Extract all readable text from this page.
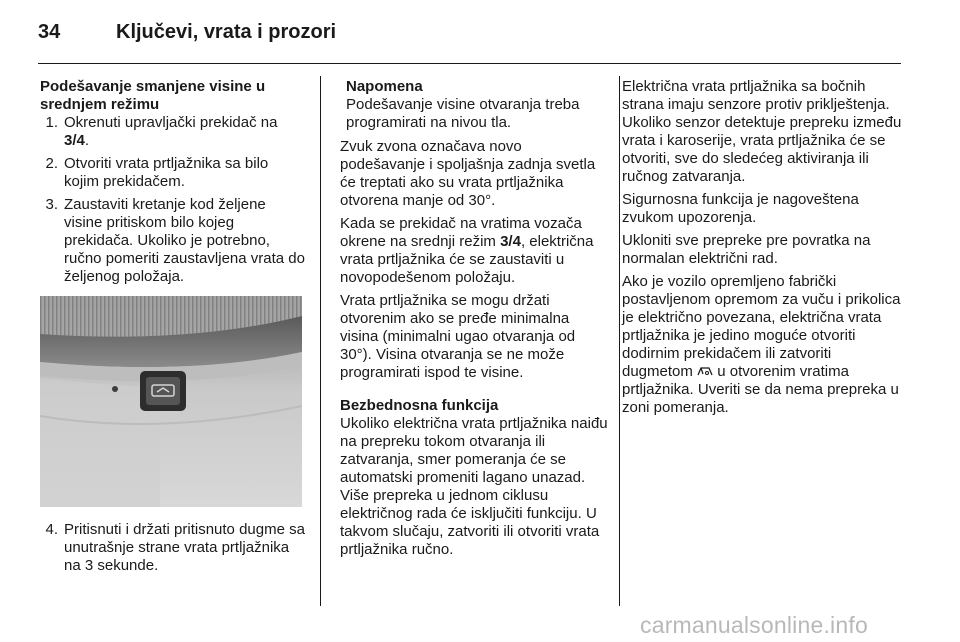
34	Ključevi, vrata i prozori
Podešavanje smanjene visine u srednjem režimu
1. Okrenuti upravljački prekidač na 3/4.
2. Otvoriti vrata prtljažnika sa bilo kojim prekidačem.
3. Zaustaviti kretanje kod željene visine pritiskom bilo kojeg prekidača. Ukoliko je potrebno, ručno pomeriti zaustavljena vrata do željenog položaja.
4. Pritisnuti i držati pritisnuto dugme sa unutrašnje strane vrata prtljažnika na 3 sekunde.
Napomena
Podešavanje visine otvaranja treba programirati na nivou tla.

Zvuk zvona označava novo podešavanje i spoljašnja zadnja svetla će treptati ako su vrata prtljažnika otvorena manje od 30°.

Kada se prekidač na vratima vozača okrene na srednji režim 3/4, električna vrata prtljažnika će se zaustaviti u novopodešenom položaju.

Vrata prtljažnika se mogu držati otvorenim ako se pređe minimalna visina (minimalni ugao otvaranja od 30°). Visina otvaranja se ne može programirati ispod te visine.

Bezbednosna funkcija

Ukoliko električna vrata prtljažnika naiđu na prepreku tokom otvaranja ili zatvaranja, smer pomeranja će se automatski promeniti lagano unazad. Više prepreka u jednom ciklusu električnog rada će isključiti funkciju. U takvom slučaju, zatvoriti ili otvoriti vrata prtljažnika ručno.

Električna vrata prtljažnika sa bočnih strana imaju senzore protiv priklještenja. Ukoliko senzor detektuje prepreku između vrata i karoserije, vrata prtljažnika će se otvoriti, sve do sledećeg aktiviranja ili ručnog zatvaranja.

Sigurnosna funkcija je nagoveštena zvukom upozorenja.

Ukloniti sve prepreke pre povratka na normalan električni rad.

Ako je vozilo opremljeno fabrički postavljenom opremom za vuču i prikolica je električno povezana, električna vrata prtljažnika je jedino moguće otvoriti dodirnim prekidačem ili zatvoriti dugmetom  u otvorenim vratima prtljažnika. Uveriti se da nema prepreka u zoni pomeranja.

carmanualsonline.info
